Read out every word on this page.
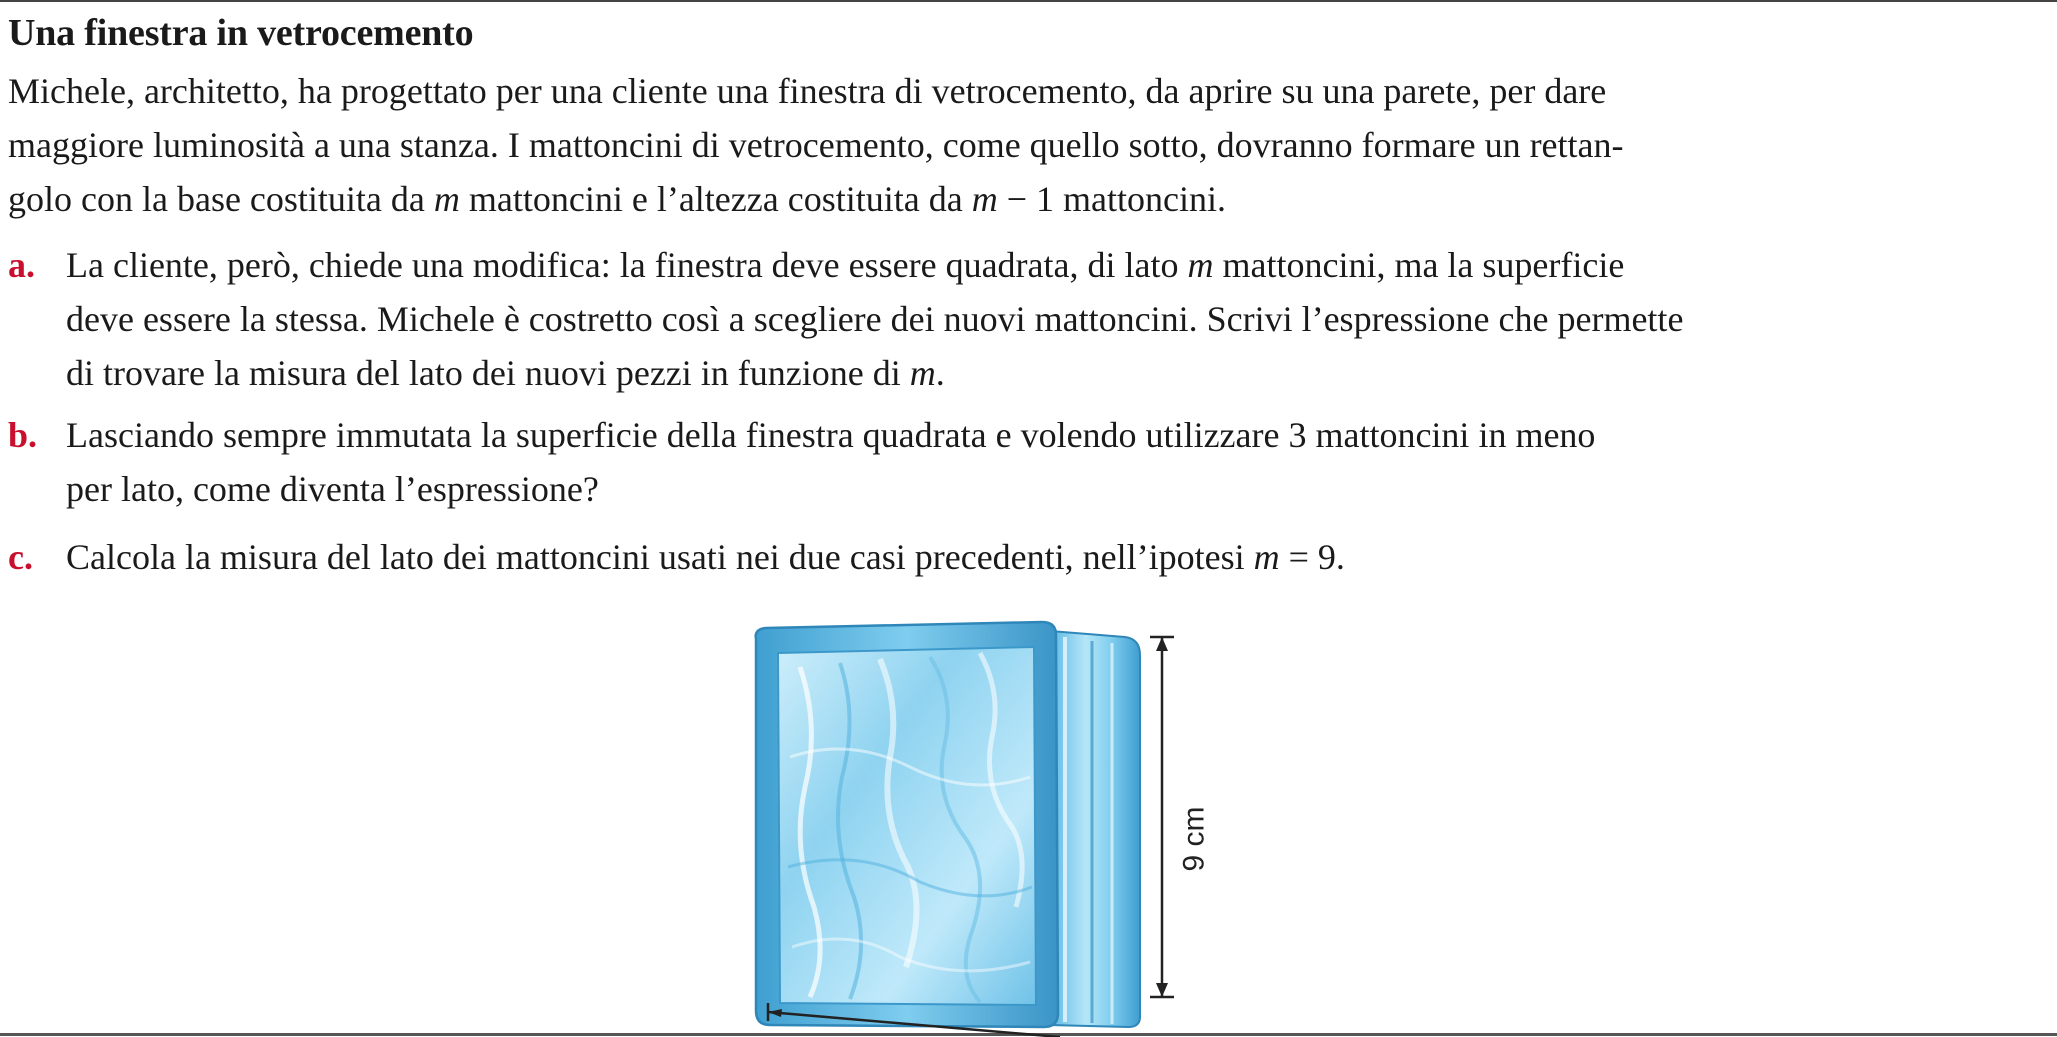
Una finestra in vetrocemento
Michele, architetto, ha progettato per una cliente una finestra di vetrocemento, da aprire su una parete, per dare
maggiore luminosità a una stanza. I mattoncini di vetrocemento, come quello sotto, dovranno formare un rettan-
golo con la base costituita da m mattoncini e l’altezza costituita da m − 1 mattoncini.
a. La cliente, però, chiede una modifica: la finestra deve essere quadrata, di lato m mattoncini, ma la superficie
deve essere la stessa. Michele è costretto così a scegliere dei nuovi mattoncini. Scrivi l’espressione che permette
di trovare la misura del lato dei nuovi pezzi in funzione di m.
b. Lasciando sempre immutata la superficie della finestra quadrata e volendo utilizzare 3 mattoncini in meno
per lato, come diventa l’espressione?
c. Calcola la misura del lato dei mattoncini usati nei due casi precedenti, nell’ipotesi m = 9.
9 cm
